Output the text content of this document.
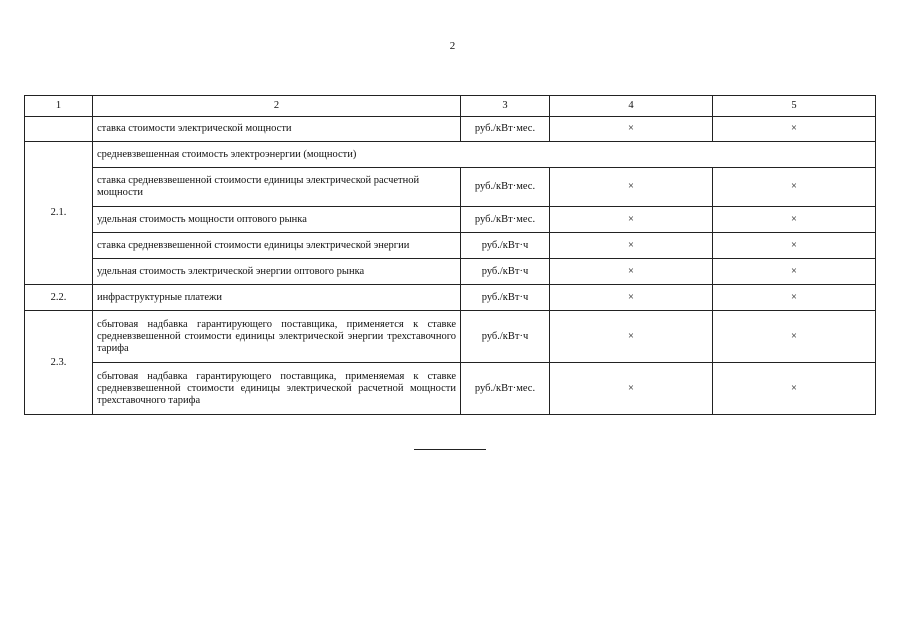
2
1	2	3	4	5
	ставка стоимости электрической мощности	руб./кВт·мес.	×	×
2.1.	средневзвешенная стоимость электроэнергии (мощности)			
	ставка средневзвешенной стоимости единицы электрической расчетной мощности	руб./кВт·мес.	×	×
	удельная стоимость мощности оптового рынка	руб./кВт·мес.	×	×
	ставка средневзвешенной стоимости единицы электрической энергии	руб./кВт·ч	×	×
	удельная стоимость электрической энергии оптового рынка	руб./кВт·ч	×	×
2.2.	инфраструктурные платежи	руб./кВт·ч	×	×
2.3.	сбытовая надбавка гарантирующего поставщика, применяется к ставке средневзвешенной стоимости единицы электрической энергии трехставочного тарифа	руб./кВт·ч	×	×
	сбытовая надбавка гарантирующего поставщика, применяемая к ставке средневзвешенной стоимости единицы электрической расчетной мощности трехставочного тарифа	руб./кВт·мес.	×	×
